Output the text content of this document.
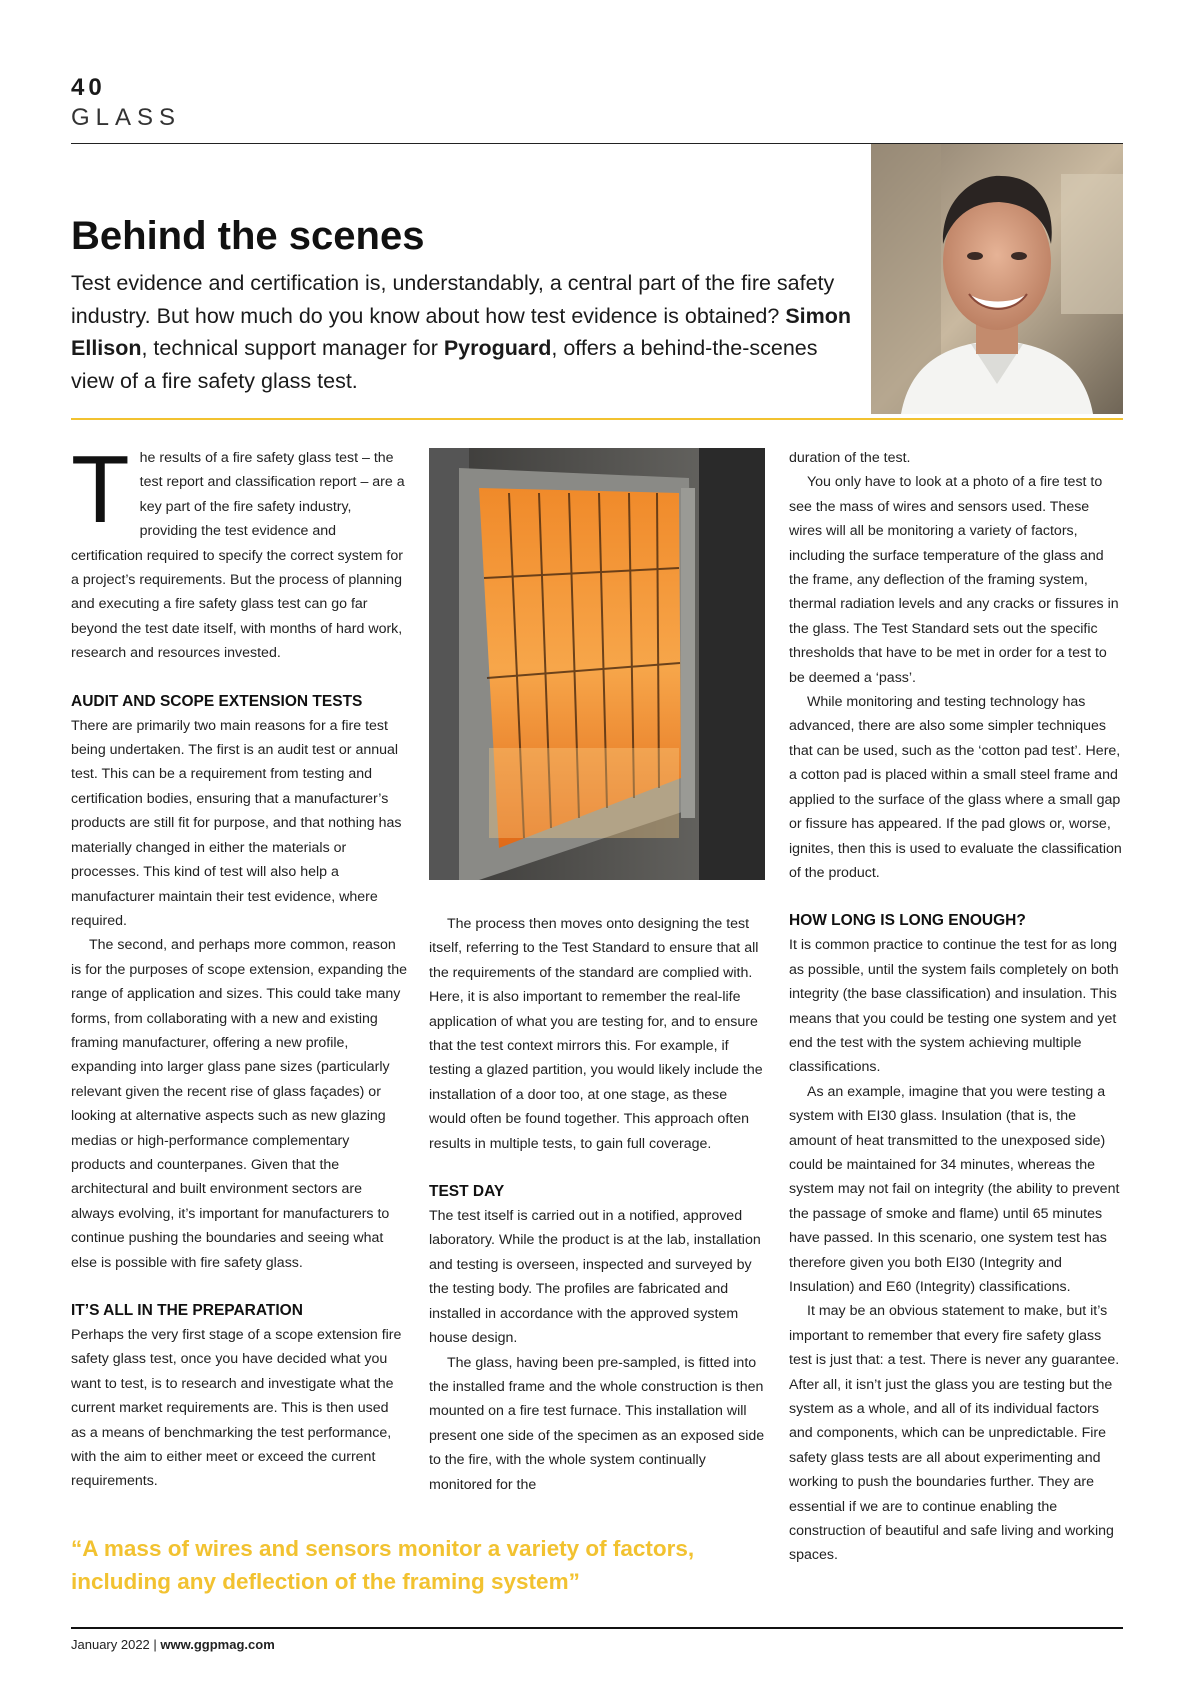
40
GLASS
Behind the scenes

Test evidence and certification is, understandably, a central part of the fire safety industry. But how much do you know about how test evidence is obtained? Simon Ellison, technical support manager for Pyroguard, offers a behind-the-scenes view of a fire safety glass test.

The results of a fire safety glass test – the test report and classification report – are a key part of the fire safety industry, providing the test evidence and certification required to specify the correct system for a project’s requirements. But the process of planning and executing a fire safety glass test can go far beyond the test date itself, with months of hard work, research and resources invested.

AUDIT AND SCOPE EXTENSION TESTS

There are primarily two main reasons for a fire test being undertaken. The first is an audit test or annual test. This can be a requirement from testing and certification bodies, ensuring that a manufacturer’s products are still fit for purpose, and that nothing has materially changed in either the materials or processes. This kind of test will also help a manufacturer maintain their test evidence, where required.

The second, and perhaps more common, reason is for the purposes of scope extension, expanding the range of application and sizes. This could take many forms, from collaborating with a new and existing framing manufacturer, offering a new profile, expanding into larger glass pane sizes (particularly relevant given the recent rise of glass façades) or looking at alternative aspects such as new glazing medias or high-performance complementary products and counterpanes. Given that the architectural and built environment sectors are always evolving, it’s important for manufacturers to continue pushing the boundaries and seeing what else is possible with fire safety glass.

IT’S ALL IN THE PREPARATION

Perhaps the very first stage of a scope extension fire safety glass test, once you have decided what you want to test, is to research and investigate what the current market requirements are. This is then used as a means of benchmarking the test performance, with the aim to either meet or exceed the current requirements.

The process then moves onto designing the test itself, referring to the Test Standard to ensure that all the requirements of the standard are complied with. Here, it is also important to remember the real-life application of what you are testing for, and to ensure that the test context mirrors this. For example, if testing a glazed partition, you would likely include the installation of a door too, at one stage, as these would often be found together. This approach often results in multiple tests, to gain full coverage.

TEST DAY

The test itself is carried out in a notified, approved laboratory. While the product is at the lab, installation and testing is overseen, inspected and surveyed by the testing body. The profiles are fabricated and installed in accordance with the approved system house design.

The glass, having been pre-sampled, is fitted into the installed frame and the whole construction is then mounted on a fire test furnace. This installation will present one side of the specimen as an exposed side to the fire, with the whole system continually monitored for the

duration of the test.

You only have to look at a photo of a fire test to see the mass of wires and sensors used. These wires will all be monitoring a variety of factors, including the surface temperature of the glass and the frame, any deflection of the framing system, thermal radiation levels and any cracks or fissures in the glass. The Test Standard sets out the specific thresholds that have to be met in order for a test to be deemed a ‘pass’.

While monitoring and testing technology has advanced, there are also some simpler techniques that can be used, such as the ‘cotton pad test’. Here, a cotton pad is placed within a small steel frame and applied to the surface of the glass where a small gap or fissure has appeared. If the pad glows or, worse, ignites, then this is used to evaluate the classification of the product.

HOW LONG IS LONG ENOUGH?

It is common practice to continue the test for as long as possible, until the system fails completely on both integrity (the base classification) and insulation. This means that you could be testing one system and yet end the test with the system achieving multiple classifications.

As an example, imagine that you were testing a system with EI30 glass. Insulation (that is, the amount of heat transmitted to the unexposed side) could be maintained for 34 minutes, whereas the system may not fail on integrity (the ability to prevent the passage of smoke and flame) until 65 minutes have passed. In this scenario, one system test has therefore given you both EI30 (Integrity and Insulation) and E60 (Integrity) classifications.

It may be an obvious statement to make, but it’s important to remember that every fire safety glass test is just that: a test. There is never any guarantee. After all, it isn’t just the glass you are testing but the system as a whole, and all of its individual factors and components, which can be unpredictable. Fire safety glass tests are all about experimenting and working to push the boundaries further. They are essential if we are to continue enabling the construction of beautiful and safe living and working spaces.

“A mass of wires and sensors monitor a variety of factors, including any deflection of the framing system”

January 2022 | www.ggpmag.com
